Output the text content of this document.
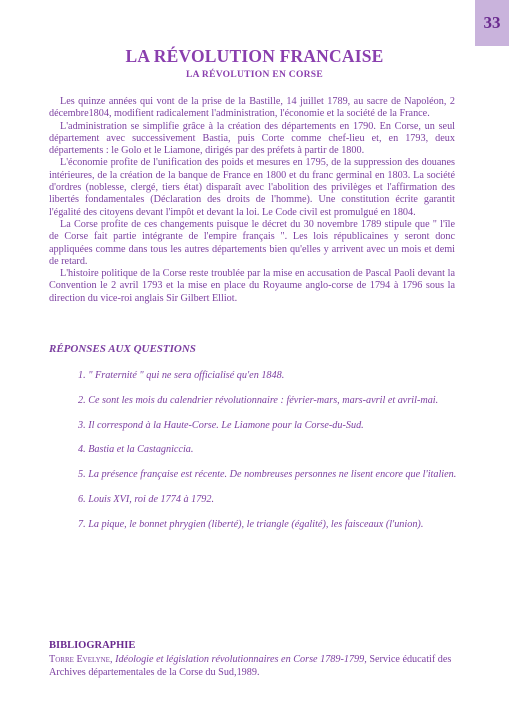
33
LA RÉVOLUTION FRANCAISE
LA RÉVOLUTION EN CORSE

Les quinze années qui vont de la prise de la Bastille, 14 juillet 1789, au sacre de Napoléon, 2 décembre1804, modifient radicalement l'administration, l'économie et la société de la France.

L'administration se simplifie grâce à la création des départements en 1790. En Corse, un seul département avec successivement Bastia, puis Corte comme chef-lieu et, en 1793, deux départements : le Golo et le Liamone, dirigés par des préfets à partir de 1800.

L'économie profite de l'unification des poids et mesures en 1795, de la suppression des douanes intérieures, de la création de la banque de France en 1800 et du franc germinal en 1803. La société d'ordres (noblesse, clergé, tiers état) disparaît avec l'abolition des privilèges et l'affirmation des libertés fondamentales (Déclaration des droits de l'homme). Une constitution écrite garantit l'égalité des citoyens devant l'impôt et devant la loi. Le Code civil est promulgué en 1804.

La Corse profite de ces changements puisque le décret du 30 novembre 1789 stipule que " l'île de Corse fait partie intégrante de l'empire français ". Les lois républicaines y seront donc appliquées comme dans tous les autres départements bien qu'elles y arrivent avec un mois et demi de retard.

L'histoire politique de la Corse reste troublée par la mise en accusation de Pascal Paoli devant la Convention le 2 avril 1793 et la mise en place du Royaume anglo-corse de 1794 à 1796 sous la direction du vice-roi anglais Sir Gilbert Elliot.

RÉPONSES AUX QUESTIONS
1. " Fraternité " qui ne sera officialisé qu'en 1848.
2. Ce sont les mois du calendrier révolutionnaire : février-mars, mars-avril et avril-mai.
3. Il correspond à la Haute-Corse. Le Liamone pour la Corse-du-Sud.
4. Bastia et la Castagniccia.
5. La présence française est récente. De nombreuses personnes ne lisent encore que l'italien.
6. Louis XVI, roi de 1774 à 1792.
7. La pique, le bonnet phrygien (liberté), le triangle (égalité), les faisceaux (l'union).
BIBLIOGRAPHIE
Torre Evelyne, Idéologie et législation révolutionnaires en Corse 1789-1799, Service éducatif des Archives départementales de la Corse du Sud,1989.
